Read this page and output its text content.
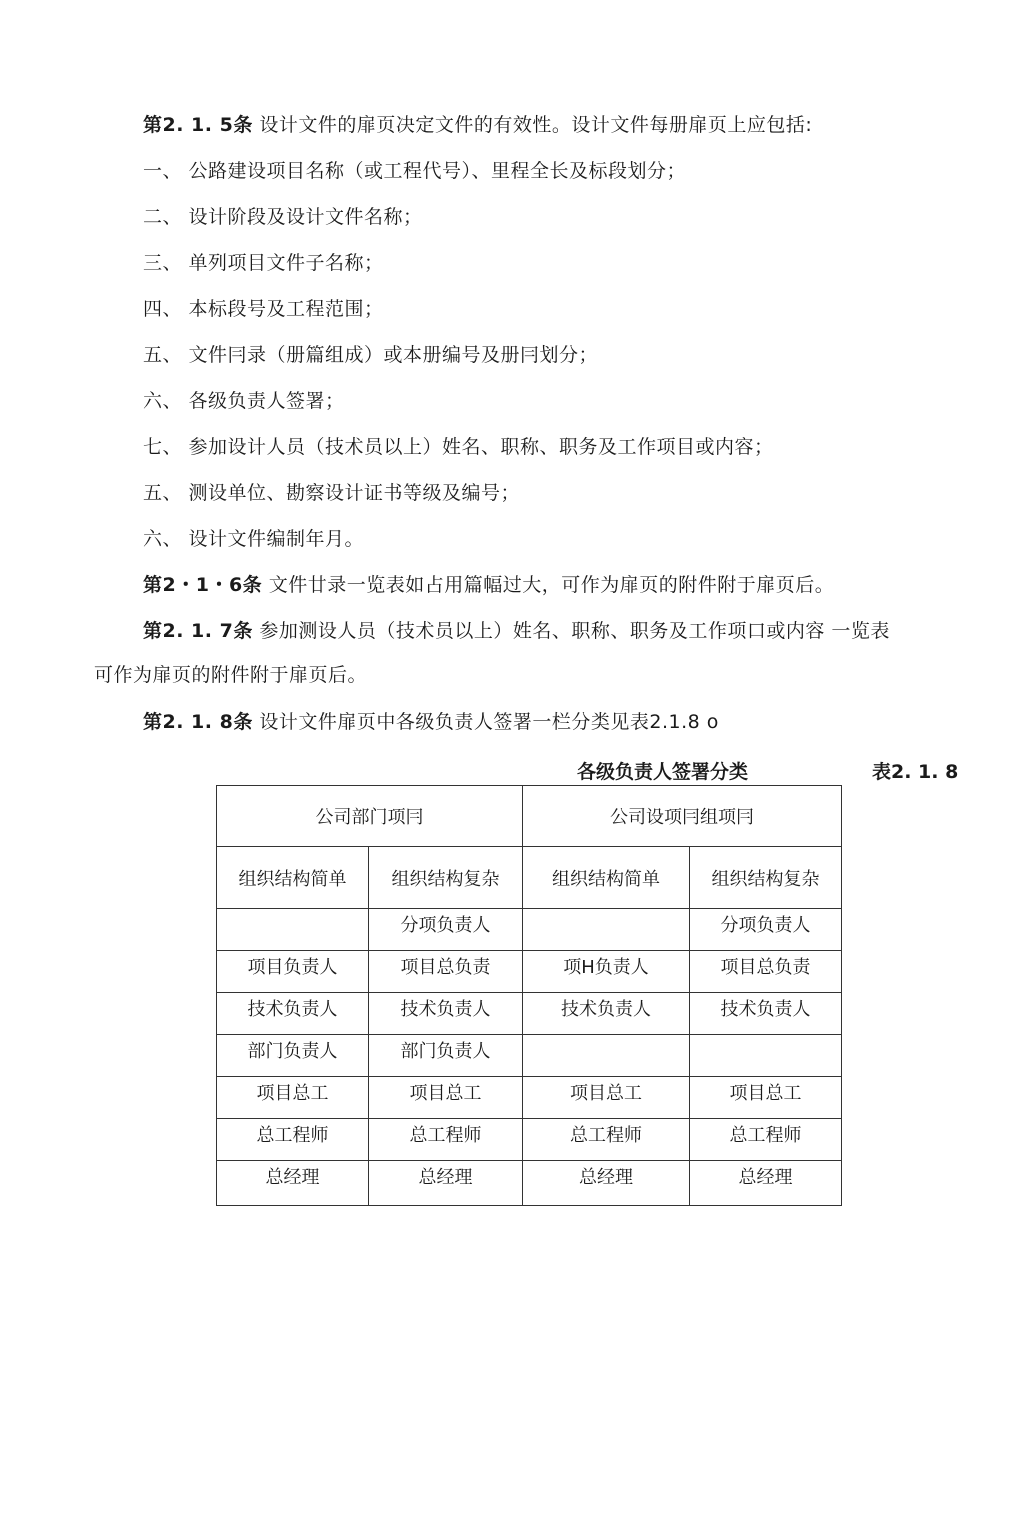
第2. 1. 5条 设计文件的扉页决定文件的有效性。设计文件每册扉页上应包括:
一、 公路建设项目名称（或工程代号）、里程全长及标段划分；
二、 设计阶段及设计文件名称；
三、 单列项目文件子名称；
四、 本标段号及工程范围；
五、 文件冃录（册篇组成）或本册编号及册冃划分；
六、 各级负责人签署；
七、 参加设计人员（技术员以上）姓名、职称、职务及工作项目或内容；
五、 测设单位、勘察设计证书等级及编号；
六、 设计文件编制年月。
第2・1・6条 文件廿录一览表如占用篇幅过大，可作为扉页的附件附于扉页后。
第2. 1. 7条 参加测设人员（技术员以上）姓名、职称、职务及工作项口或内容 一览表
可作为扉页的附件附于扉页后。
第2. 1. 8条 设计文件扉页中各级负责人签署一栏分类见表2.1.8 o
各级负责人签署分类	表2. 1. 8
公司部门项冃		公司设项冃组项冃	
组织结构简单	组织结构复杂	组织结构简单	组织结构复杂
	分项负责人		分项负责人
项目负责人	项目总负责	项H负责人	项目总负责
技术负责人	技术负责人	技术负责人	技术负责人
部门负责人	部门负责人		
项目总工	项目总工	项目总工	项目总工
总工程师	总工程师	总工程师	总工程师
总经理	总经理	总经理	总经理
